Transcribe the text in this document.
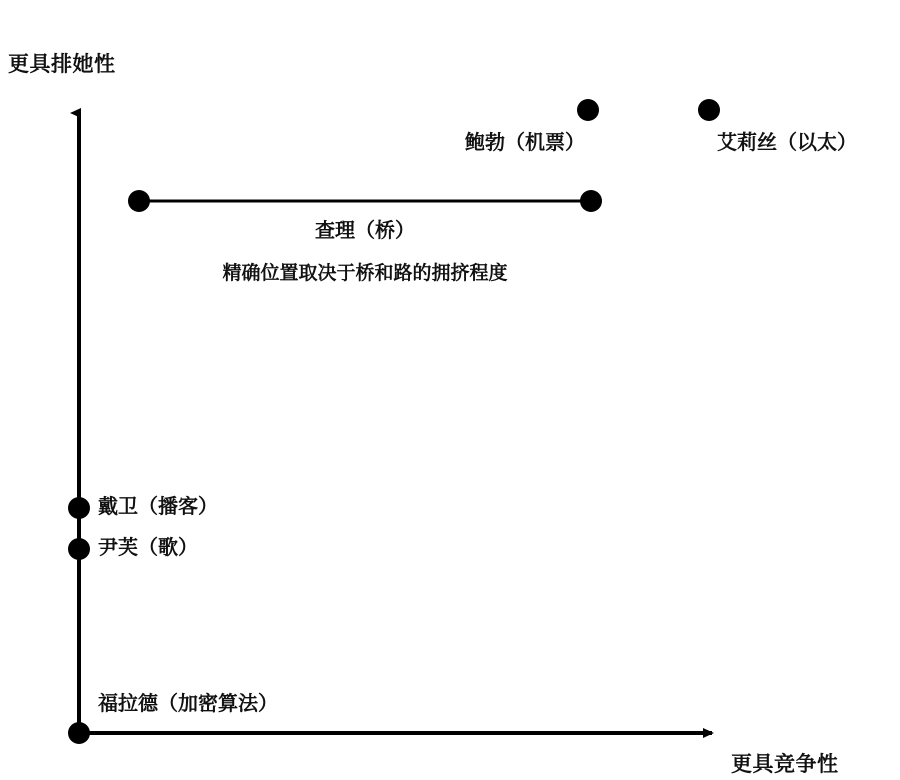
更具排她性
更具竞争性
鲍勃（机票）	艾莉丝（以太）
查理（桥）
精确位置取决于桥和路的拥挤程度
戴卫（播客）
尹芙（歌）
福拉德（加密算法）
